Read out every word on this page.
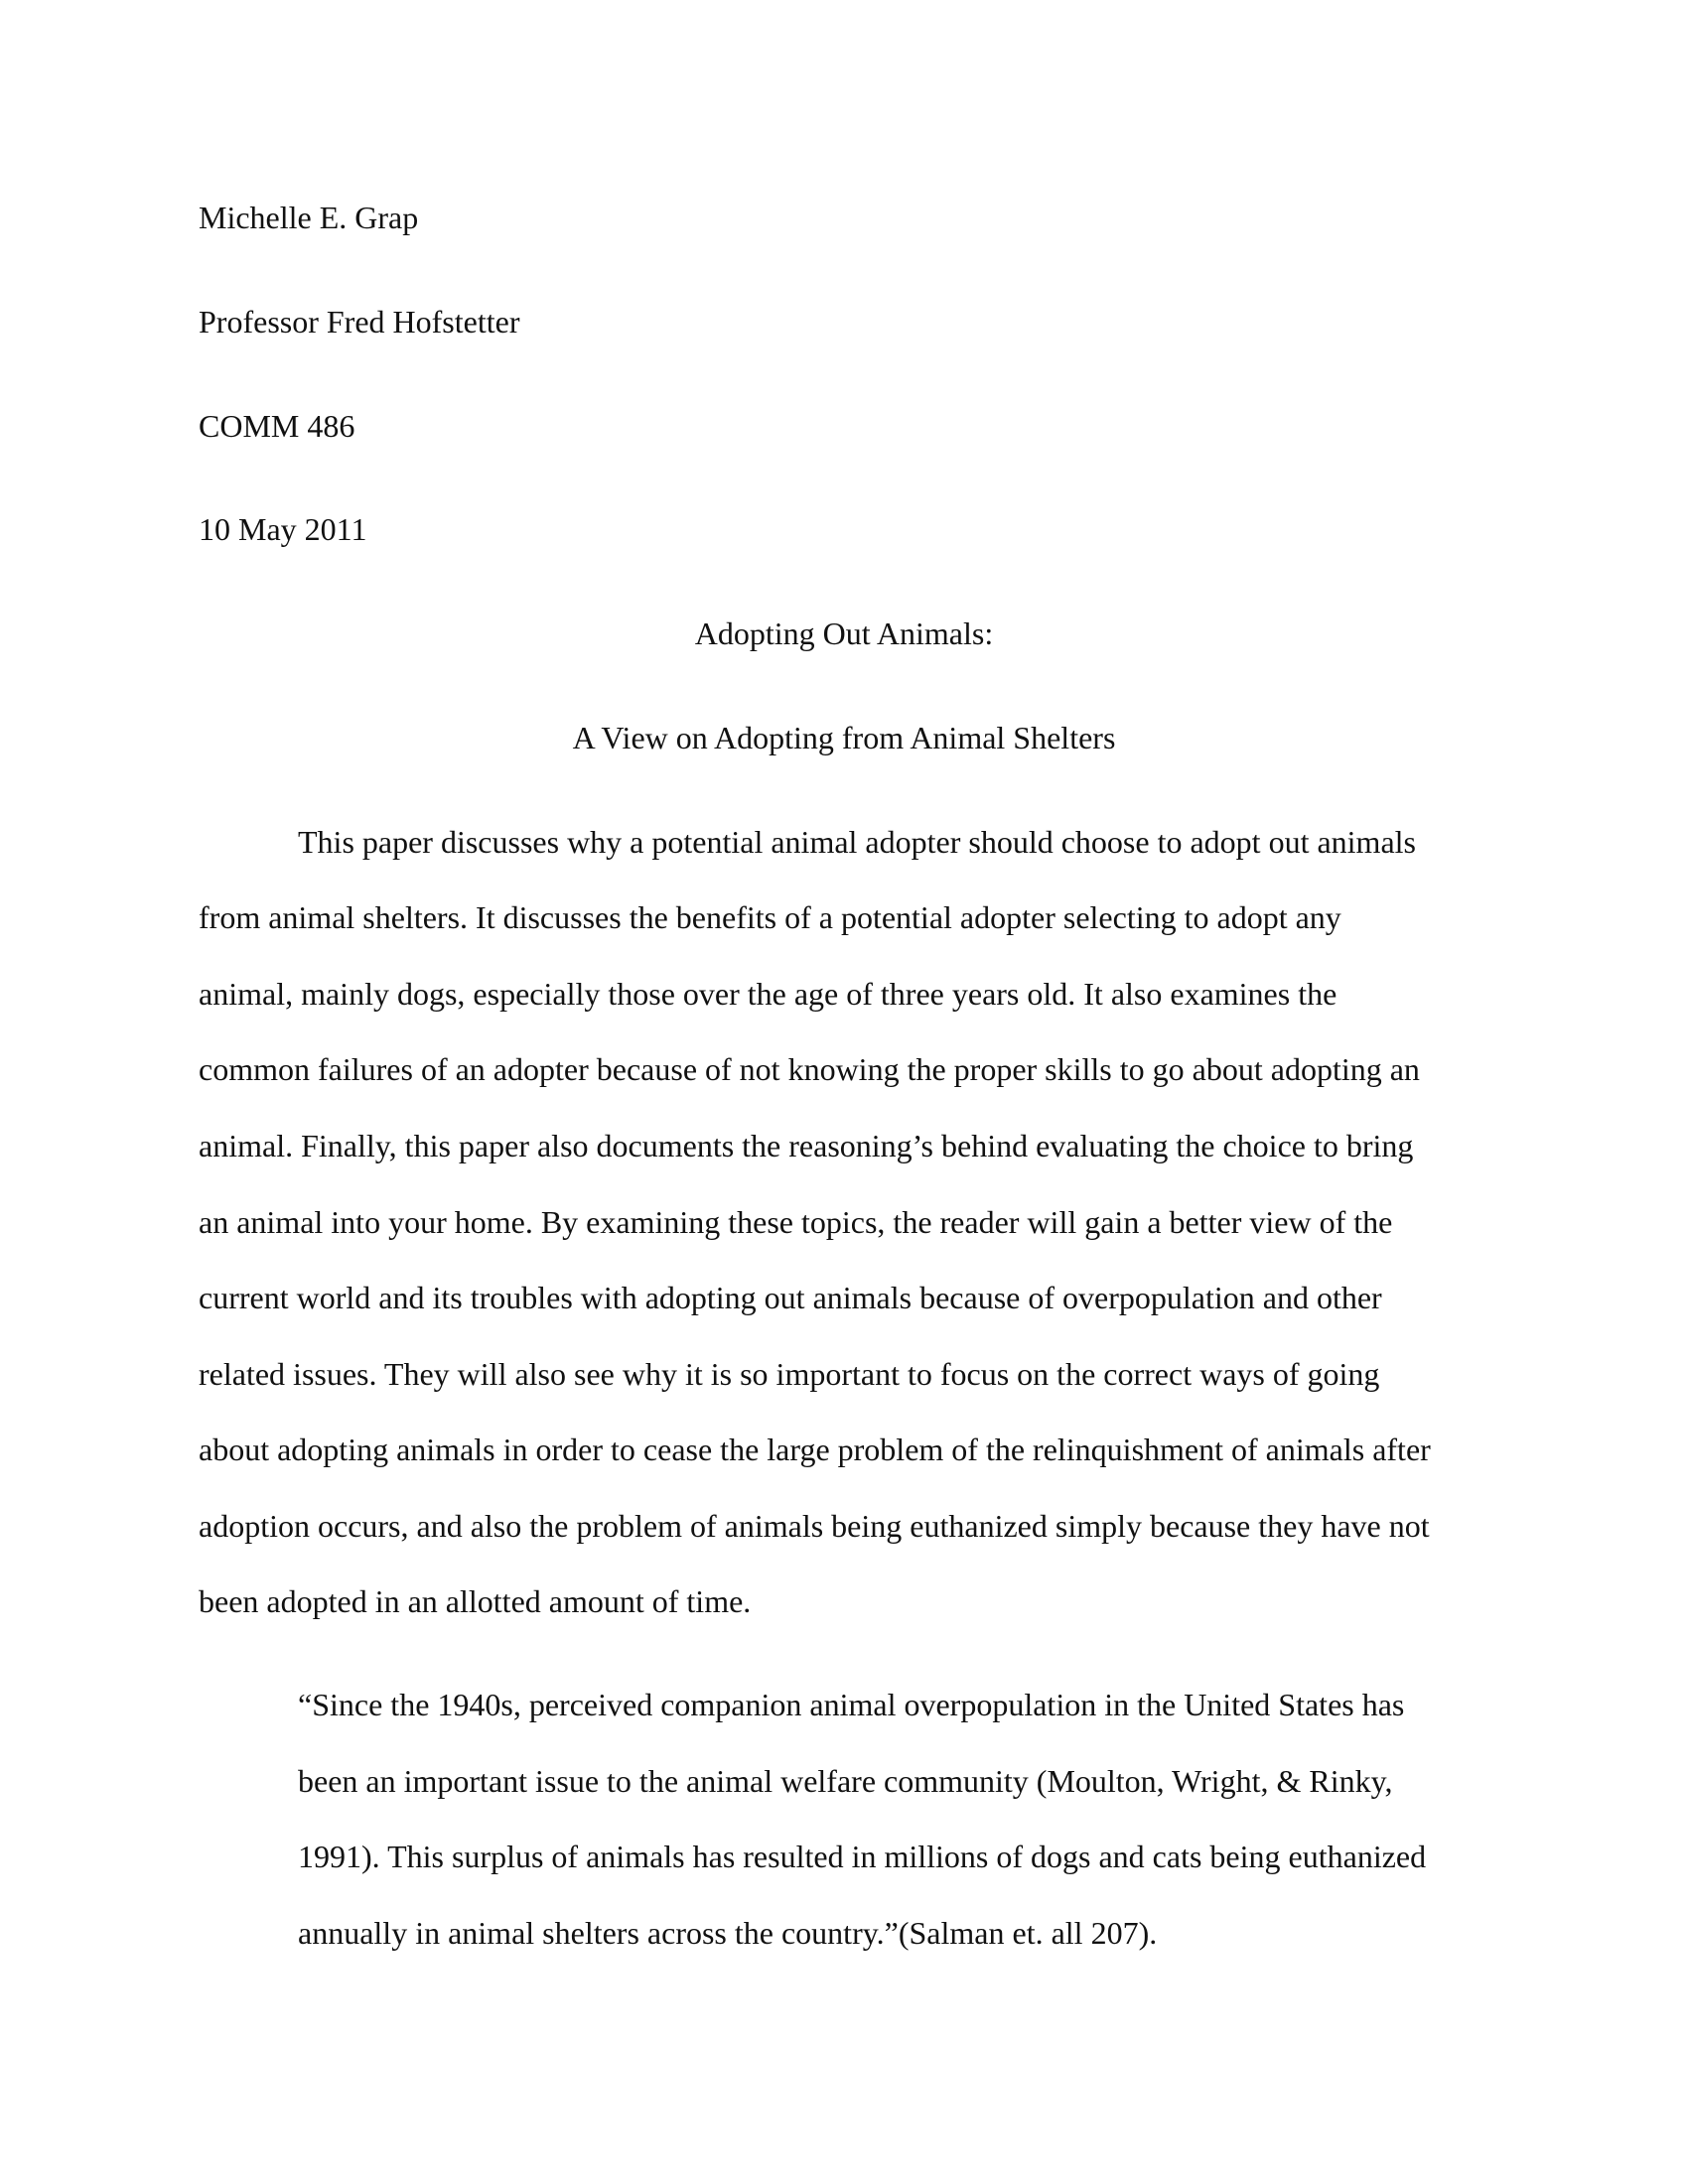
Michelle E. Grap

Professor Fred Hofstetter

COMM 486

10 May 2011

Adopting Out Animals:
A View on Adopting from Animal Shelters

This paper discusses why a potential animal adopter should choose to adopt out animals

from animal shelters. It discusses the benefits of a potential adopter selecting to adopt any

animal, mainly dogs, especially those over the age of three years old. It also examines the

common failures of an adopter because of not knowing the proper skills to go about adopting an

animal. Finally, this paper also documents the reasoning’s behind evaluating the choice to bring

an animal into your home. By examining these topics, the reader will gain a better view of the

current world and its troubles with adopting out animals because of overpopulation and other

related issues. They will also see why it is so important to focus on the correct ways of going

about adopting animals in order to cease the large problem of the relinquishment of animals after

adoption occurs, and also the problem of animals being euthanized simply because they have not

been adopted in an allotted amount of time.

“Since the 1940s, perceived companion animal overpopulation in the United States has

been an important issue to the animal welfare community (Moulton, Wright, & Rinky,

1991). This surplus of animals has resulted in millions of dogs and cats being euthanized

annually in animal shelters across the country.”(Salman et. all 207).
